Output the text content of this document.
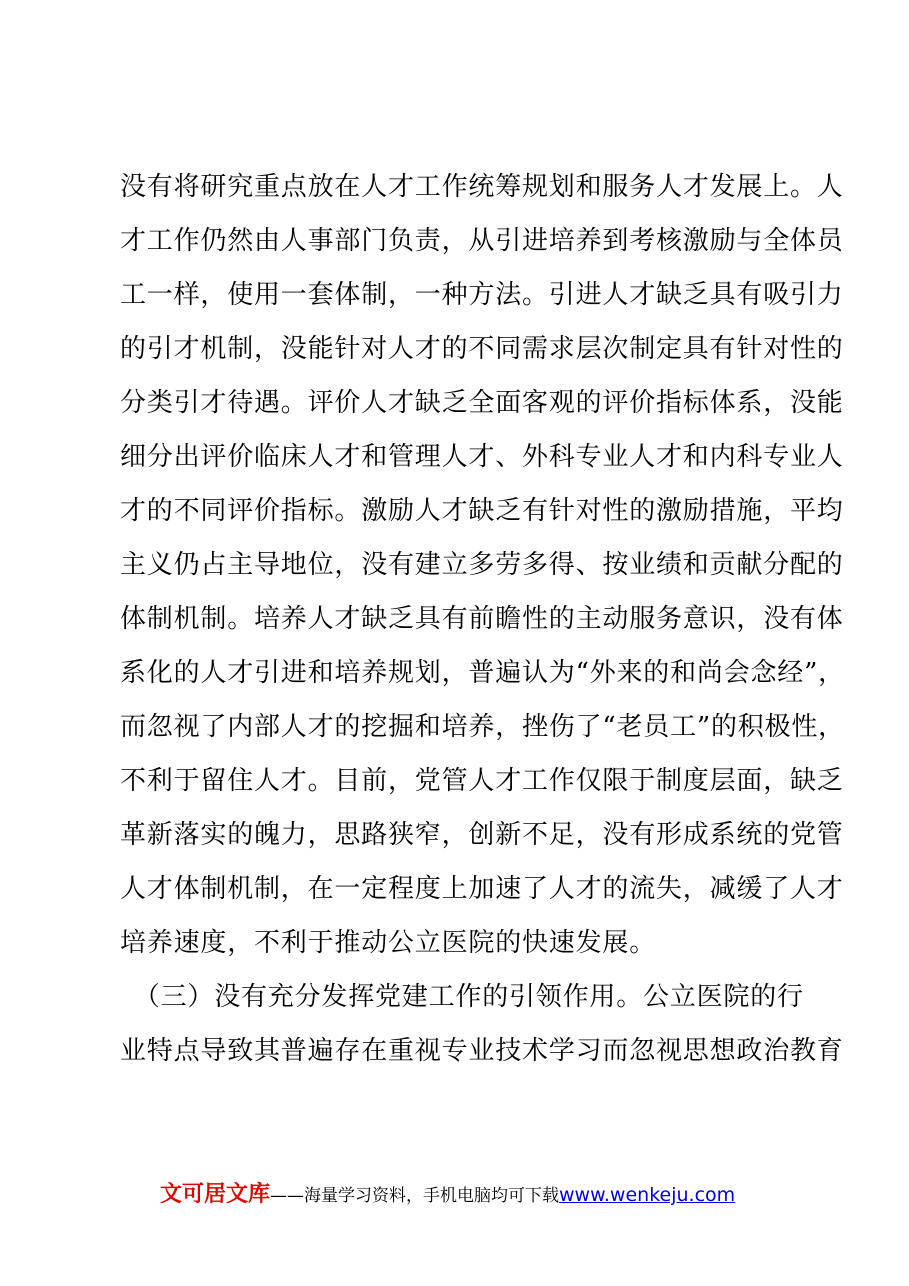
没有将研究重点放在人才工作统筹规划和服务人才发展上。人
才工作仍然由人事部门负责，从引进培养到考核激励与全体员
工一样，使用一套体制，一种方法。引进人才缺乏具有吸引力
的引才机制，没能针对人才的不同需求层次制定具有针对性的
分类引才待遇。评价人才缺乏全面客观的评价指标体系，没能
细分出评价临床人才和管理人才、外科专业人才和内科专业人
才的不同评价指标。激励人才缺乏有针对性的激励措施，平均
主义仍占主导地位，没有建立多劳多得、按业绩和贡献分配的
体制机制。培养人才缺乏具有前瞻性的主动服务意识，没有体
系化的人才引进和培养规划，普遍认为“外来的和尚会念经”，
而忽视了内部人才的挖掘和培养，挫伤了“老员工”的积极性，
不利于留住人才。目前，党管人才工作仅限于制度层面，缺乏
革新落实的魄力，思路狭窄，创新不足，没有形成系统的党管
人才体制机制，在一定程度上加速了人才的流失，减缓了人才
培养速度，不利于推动公立医院的快速发展。
　（三）没有充分发挥党建工作的引领作用。公立医院的行
业特点导致其普遍存在重视专业技术学习而忽视思想政治教育
文可居文库——海量学习资料，手机电脑均可下载www.wenkeju.com
